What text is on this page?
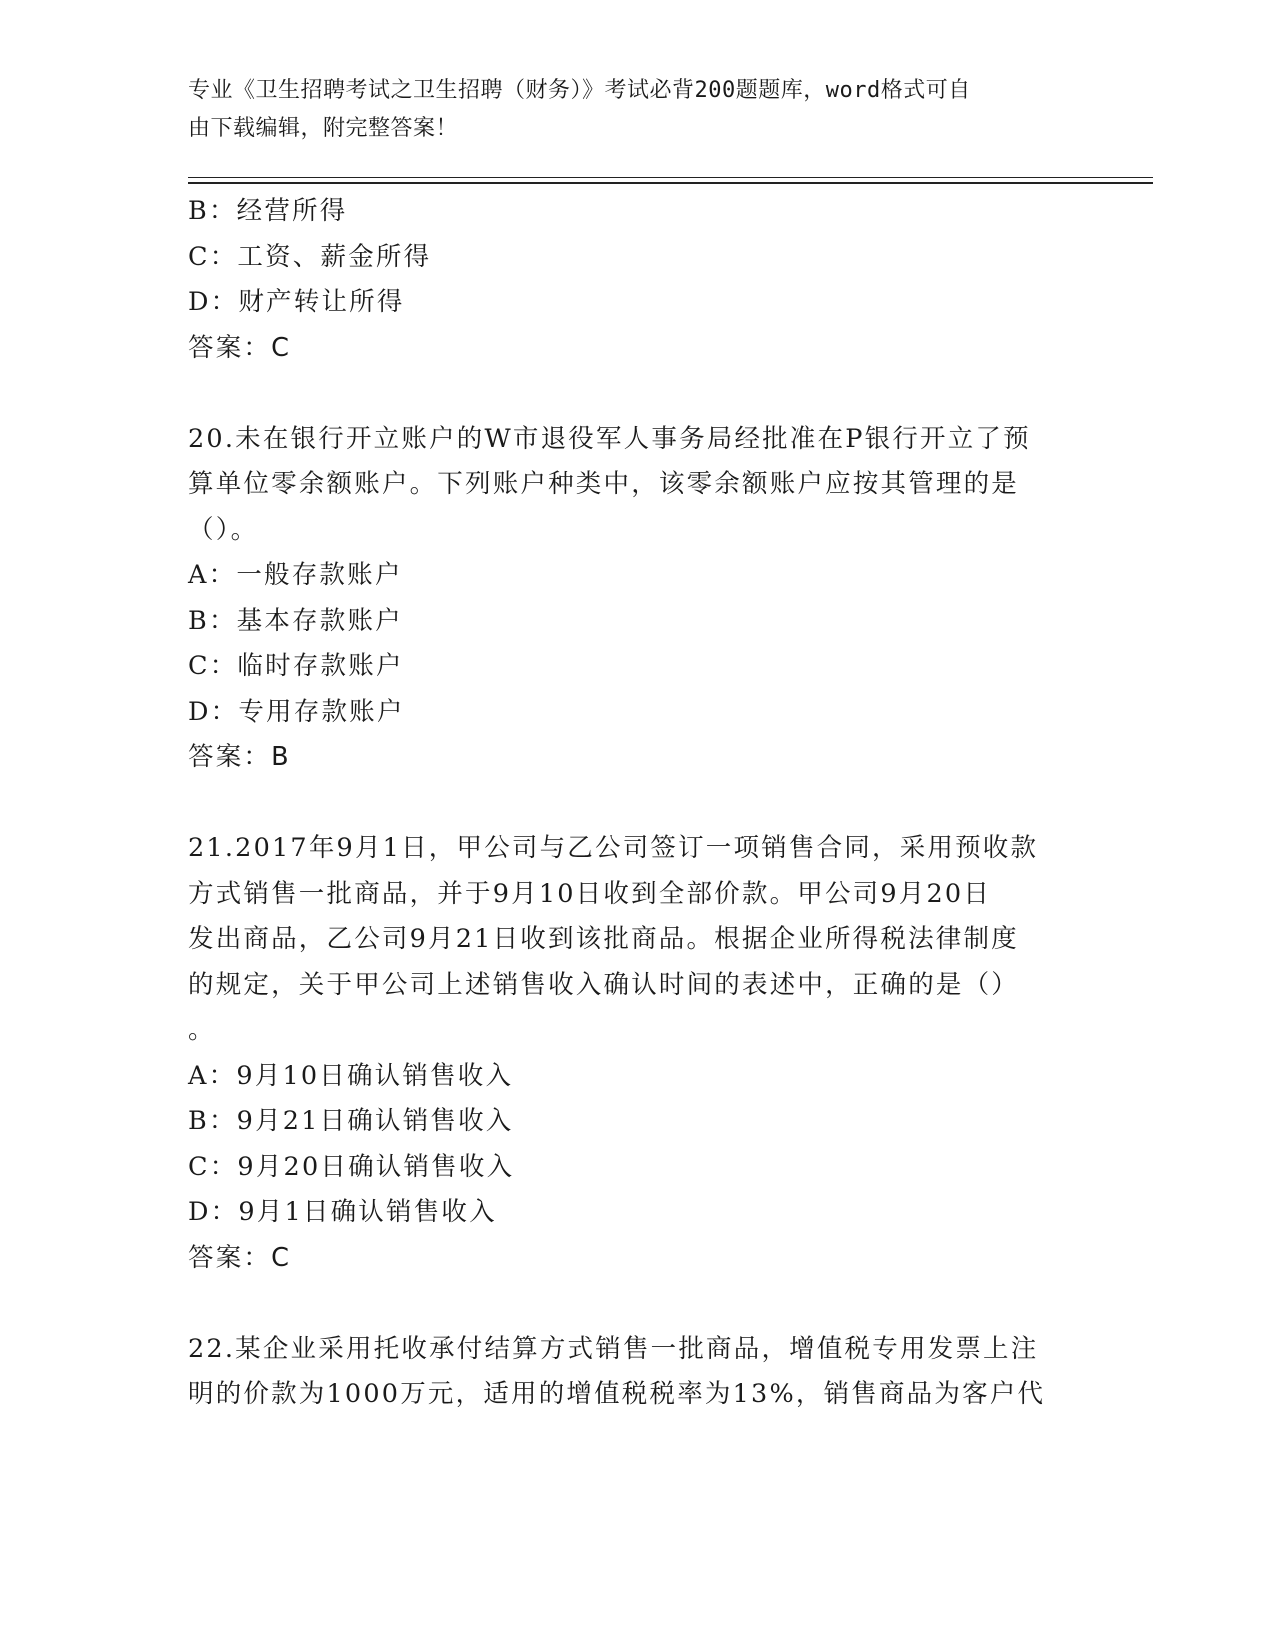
专业《卫生招聘考试之卫生招聘（财务）》考试必背200题题库，word格式可自
由下载编辑，附完整答案！
B：经营所得
C：工资、薪金所得
D：财产转让所得
答案：C
20.未在银行开立账户的W市退役军人事务局经批准在P银行开立了预
算单位零余额账户。下列账户种类中，该零余额账户应按其管理的是
（）。
A：一般存款账户
B：基本存款账户
C：临时存款账户
D：专用存款账户
答案：B
21.2017年9月1日，甲公司与乙公司签订一项销售合同，采用预收款
方式销售一批商品，并于9月10日收到全部价款。甲公司9月20日
发出商品，乙公司9月21日收到该批商品。根据企业所得税法律制度
的规定，关于甲公司上述销售收入确认时间的表述中，正确的是（）
。
A：9月10日确认销售收入
B：9月21日确认销售收入
C：9月20日确认销售收入
D：9月1日确认销售收入
答案：C
22.某企业采用托收承付结算方式销售一批商品，增值税专用发票上注
明的价款为1000万元，适用的增值税税率为13%，销售商品为客户代
